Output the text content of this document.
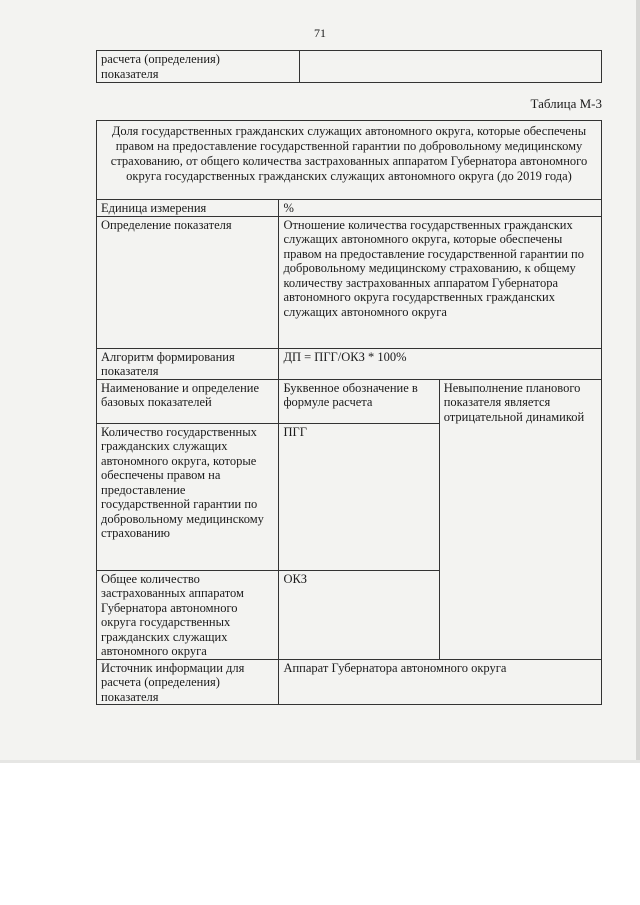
71
расчета (определения)
показателя	
Таблица М-3
Доля государственных гражданских служащих автономного округа, которые обеспечены правом на предоставление государственной гарантии по добровольному медицинскому страхованию, от общего количества застрахованных аппаратом Губернатора автономного округа государственных гражданских служащих автономного округа (до 2019 года)		
Единица измерения	%	
Определение показателя	Отношение количества государственных гражданских служащих автономного округа, которые обеспечены правом на предоставление государственной гарантии по добровольному медицинскому страхованию, к общему количеству застрахованных аппаратом Губернатора автономного округа государственных гражданских служащих автономного округа	
Алгоритм формирования показателя	ДП = ПГГ/ОКЗ * 100%	
Наименование и определение базовых показателей	Буквенное обозначение в формуле расчета	Невыполнение планового показателя является отрицательной динамикой
Количество государственных гражданских служащих автономного округа, которые обеспечены правом на предоставление государственной гарантии по добровольному медицинскому страхованию	ПГГ	
Общее количество застрахованных аппаратом Губернатора автономного округа государственных гражданских служащих автономного округа	ОКЗ	
Источник информации для расчета (определения) показателя	Аппарат Губернатора автономного округа	
